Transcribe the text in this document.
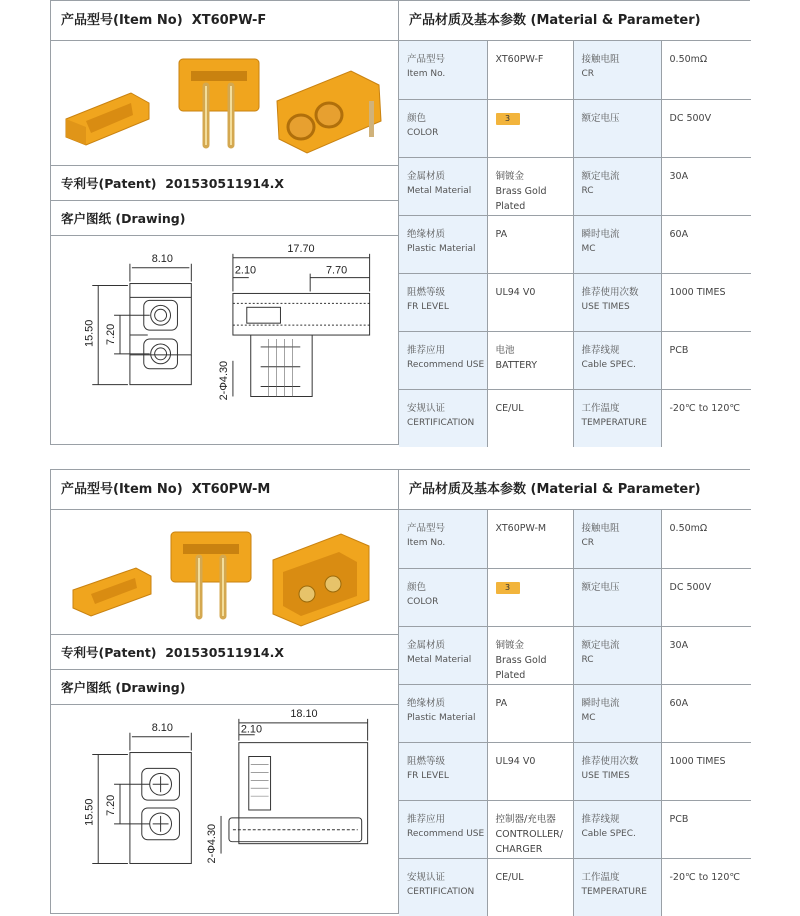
产品型号(Item No) XT60PW-F
专利号(Patent) 201530511914.X
客户图纸 (Drawing)
8.10
17.70
2.10	7.70
15.50 7.20
2-Φ4.30
产品材质及基本参数 (Material & Parameter)
产品型号
Item No.	XT60PW-F	接触电阻
CR	0.50mΩ

颜色
COLOR	3	额定电压	DC 500V

金属材质
Metal Material	铜镀金
Brass Gold Plated	额定电流
RC	30A

绝缘材质
Plastic Material	PA	瞬时电流
MC	60A

阻燃等级
FR LEVEL	UL94 V0	推荐使用次数
USE TIMES	1000 TIMES

推荐应用
Recommend USE	电池
BATTERY	推荐线规
Cable SPEC.	PCB

安规认证
CERTIFICATION	CE/UL	工作温度
TEMPERATURE	-20℃ to 120℃
产品型号(Item No) XT60PW-M
专利号(Patent) 201530511914.X
客户图纸 (Drawing)
8.10
18.10
2.10
15.50 7.20
2-Φ4.30
产品材质及基本参数 (Material & Parameter)
产品型号
Item No.	XT60PW-M	接触电阻
CR	0.50mΩ

颜色
COLOR	3	额定电压	DC 500V

金属材质
Metal Material	铜镀金
Brass Gold Plated	额定电流
RC	30A

绝缘材质
Plastic Material	PA	瞬时电流
MC	60A

阻燃等级
FR LEVEL	UL94 V0	推荐使用次数
USE TIMES	1000 TIMES

推荐应用
Recommend USE	控制器/充电器
CONTROLLER/ CHARGER	推荐线规
Cable SPEC.	PCB

安规认证
CERTIFICATION	CE/UL	工作温度
TEMPERATURE	-20℃ to 120℃
